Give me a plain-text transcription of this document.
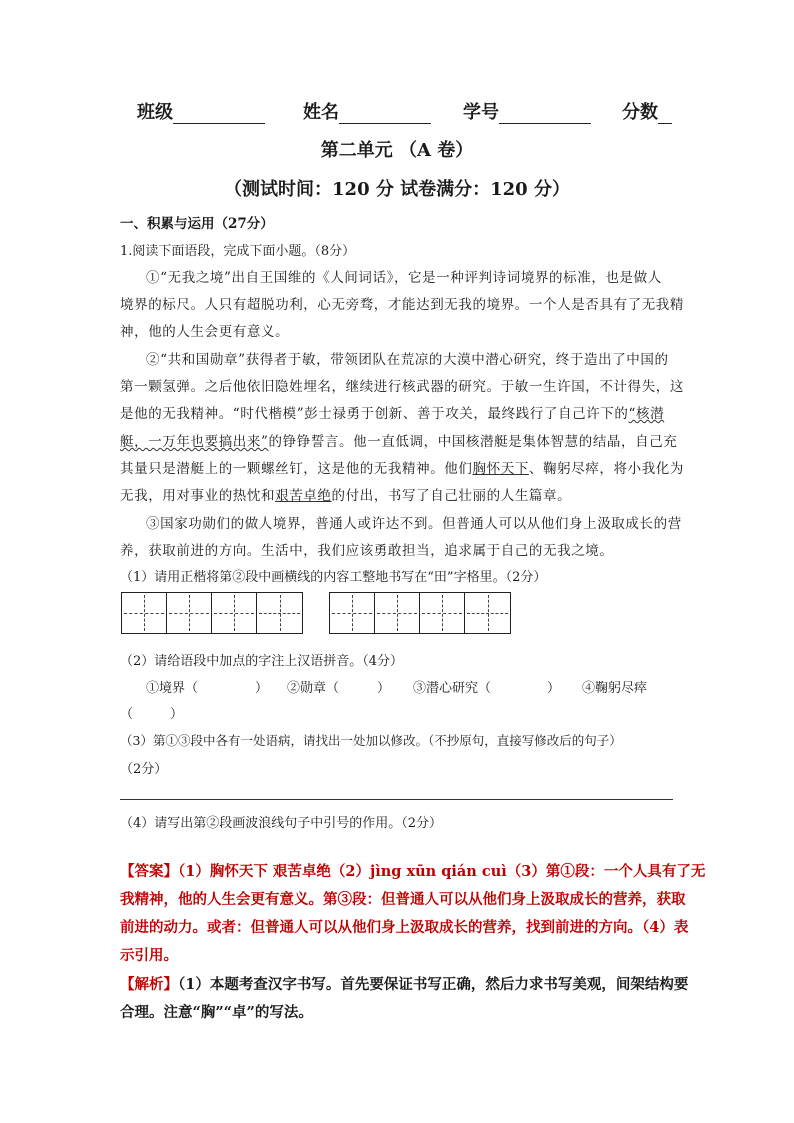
班级	姓名	学号	分数
第二单元 （A 卷）
（测试时间：120 分 试卷满分：120 分）
一、积累与运用（27分）
1.阅读下面语段，完成下面小题。（8分）
①“无我之境”出自王国维的《人间词话》，它是一种评判诗词境界的标准，也是做人
境界的标尺。人只有超脱功利，心无旁骛，才能达到无我的境界。一个人是否具有了无我精
神，他的人生会更有意义。
②“共和国勋章”获得者于敏，带领团队在荒凉的大漠中潜心研究，终于造出了中国的
第一颗氢弹。之后他依旧隐姓埋名，继续进行核武器的研究。于敏一生许国，不计得失，这
是他的无我精神。“时代楷模”彭士禄勇于创新、善于攻关，最终践行了自己许下的“核潜
艇，一万年也要搞出来”的铮铮誓言。他一直低调，中国核潜艇是集体智慧的结晶，自己充
其量只是潜艇上的一颗螺丝钉，这是他的无我精神。他们胸怀天下、鞠躬尽瘁，将小我化为
无我，用对事业的热忱和艰苦卓绝的付出，书写了自己壮丽的人生篇章。
③国家功勋们的做人境界，普通人或许达不到。但普通人可以从他们身上汲取成长的营
养，获取前进的方向。生活中，我们应该勇敢担当，追求属于自己的无我之境。
（1）请用正楷将第②段中画横线的内容工整地书写在“田”字格里。（2分）
（2）请给语段中加点的字注上汉语拼音。（4分）
①境界（	） ②勋章（	） ③潜心研究（	） ④鞠躬尽瘁
（	）
（3）第①③段中各有一处语病，请找出一处加以修改。（不抄原句，直接写修改后的句子）
（2分）
（4）请写出第②段画波浪线句子中引号的作用。（2分）
【答案】（1）胸怀天下 艰苦卓绝（2）jìng xūn qián cuì（3）第①段：一个人具有了无
我精神，他的人生会更有意义。第③段：但普通人可以从他们身上汲取成长的营养，获取
前进的动力。或者：但普通人可以从他们身上汲取成长的营养，找到前进的方向。（4）表
示引用。
【解析】（1）本题考查汉字书写。首先要保证书写正确，然后力求书写美观，间架结构要
合理。注意“胸”“卓”的写法。
